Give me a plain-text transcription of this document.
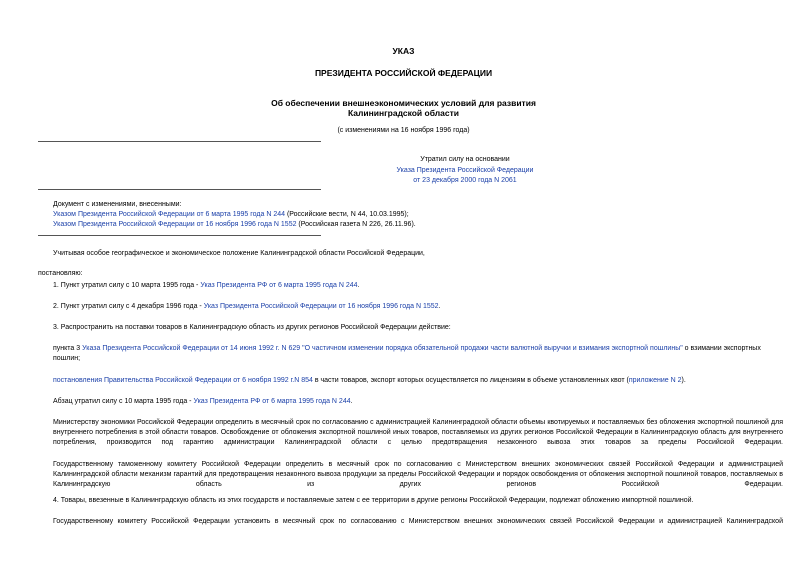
УКАЗ
ПРЕЗИДЕНТА РОССИЙСКОЙ ФЕДЕРАЦИИ
Об обеспечении внешнеэкономических условий для развития
Калининградской области
(с изменениями на 16 ноября 1996 года)
Утратил силу на основании
Указа Президента Российской Федерации
от 23 декабря 2000 года N 2061
Документ с изменениями, внесенными:
Указом Президента Российской Федерации от 6 марта 1995 года N 244 (Российские вести, N 44, 10.03.1995);
Указом Президента Российской Федерации от 16 ноября 1996 года N 1552 (Российская газета N 226, 26.11.96).
Учитывая особое географическое и экономическое положение Калининградской области Российской Федерации,
постановляю:
1. Пункт утратил силу с 10 марта 1995 года - Указ Президента РФ от 6 марта 1995 года N 244.
2. Пункт утратил силу с 4 декабря 1996 года - Указ Президента Российской Федерации от 16 ноября 1996 года N 1552.
3. Распространить на поставки товаров в Калининградскую область из других регионов Российской Федерации действие:
пункта 3 Указа Президента Российской Федерации от 14 июня 1992 г. N 629 "О частичном изменении порядка обязательной продажи части валютной выручки и взимания экспортной пошлины" о взимании экспортных пошлин;
постановления Правительства Российской Федерации от 6 ноября 1992 г.N 854 в части товаров, экспорт которых осуществляется по лицензиям в объеме установленных квот (приложение N 2).
Абзац утратил силу с 10 марта 1995 года - Указ Президента РФ от 6 марта 1995 года N 244.
Министерству экономики Российской Федерации определить в месячный срок по согласованию с администрацией Калининградской области объемы квотируемых и поставляемых без обложения экспортной пошлиной для внутреннего потребления в этой области товаров. Освобождение от обложения экспортной пошлиной иных товаров, поставляемых из других регионов Российской Федерации в Калининградскую область для внутреннего потребления, производится под гарантию администрации Калининградской области с целью предотвращения незаконного вывоза этих товаров за пределы Российской Федерации.
Государственному таможенному комитету Российской Федерации определить в месячный срок по согласованию с Министерством внешних экономических связей Российской Федерации и администрацией Калининградской области механизм гарантий для предотвращения незаконного вывоза продукции за пределы Российской Федерации и порядок освобождения от обложения экспортной пошлиной товаров, поставляемых в Калининградскую область из других регионов Российской Федерации.
4. Товары, ввезенные в Калининградскую область из этих государств и поставляемые затем с ее территории в другие регионы Российской Федерации, подлежат обложению импортной пошлиной.
Государственному комитету Российской Федерации установить в месячный срок по согласованию с Министерством внешних экономических связей Российской Федерации и администрацией Калининградской
